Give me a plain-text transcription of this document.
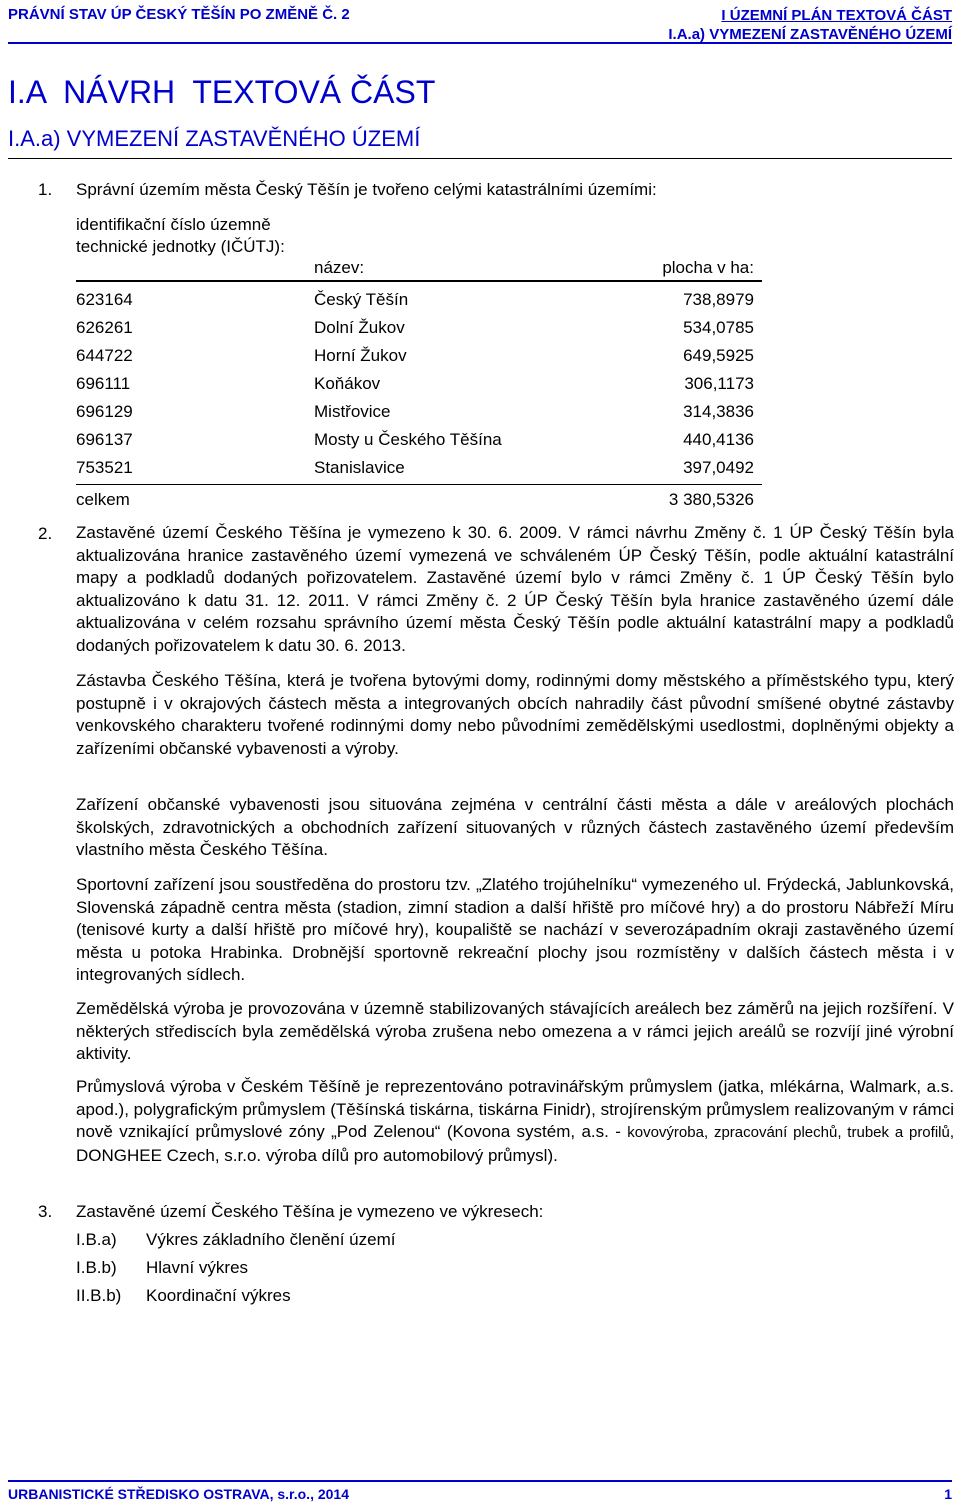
PRÁVNÍ STAV ÚP ČESKÝ TĚŠÍN PO ZMĚNĚ Č. 2	I ÚZEMNÍ PLÁN TEXTOVÁ ČÁST
I.A.a) VYMEZENÍ ZASTAVĚNÉHO ÚZEMÍ
I.A  NÁVRH  TEXTOVÁ ČÁST
I.A.a) VYMEZENÍ ZASTAVĚNÉHO ÚZEMÍ
1.	Správní územím města Český Těšín je tvořeno celými katastrálními územími:
identifikační číslo územně technické jednotky (IČÚTJ):
název:	plocha v ha:
623164	Český Těšín	738,8979
626261	Dolní Žukov	534,0785
644722	Horní Žukov	649,5925
696111	Koňákov	306,1173
696129	Mistřovice	314,3836
696137	Mosty u Českého Těšína	440,4136
753521	Stanislavice	397,0492
celkem	3 380,5326
2.	Zastavěné území Českého Těšína je vymezeno k 30. 6. 2009. V rámci návrhu Změny č. 1 ÚP Český Těšín byla aktualizována hranice zastavěného území vymezená ve schváleném ÚP Český Těšín, podle aktuální katastrální mapy a podkladů dodaných pořizovatelem. Zastavěné území bylo v rámci Změny č. 1 ÚP Český Těšín bylo aktualizováno k datu 31. 12. 2011. V rámci Změny č. 2 ÚP Český Těšín byla hranice zastavěného území dále aktualizována v celém rozsahu správního území města Český Těšín podle aktuální katastrální mapy a podkladů dodaných pořizovatelem k datu 30. 6. 2013.
Zástavba Českého Těšína, která je tvořena bytovými domy, rodinnými domy městského a příměstského typu, který postupně i v okrajových částech města a integrovaných obcích nahradily část původní smíšené obytné zástavby venkovského charakteru tvořené rodinnými domy nebo původními zemědělskými usedlostmi, doplněnými objekty a zařízeními občanské vybavenosti a výroby.
Zařízení občanské vybavenosti jsou situována zejména v centrální části města a dále v areálových plochách školských, zdravotnických a obchodních zařízení situovaných v různých částech zastavěného území především vlastního města Českého Těšína.
Sportovní zařízení jsou soustředěna do prostoru tzv. „Zlatého trojúhelníku“ vymezeného ul. Frýdecká, Jablunkovská, Slovenská západně centra města (stadion, zimní stadion a další hřiště pro míčové hry) a do prostoru Nábřeží Míru (tenisové kurty a další hřiště pro míčové hry), koupaliště se nachází v severozápadním okraji zastavěného území města u potoka Hrabinka. Drobnější sportovně rekreační plochy jsou rozmístěny v dalších částech města i v integrovaných sídlech.
Zemědělská výroba je provozována v územně stabilizovaných stávajících areálech bez záměrů na jejich rozšíření. V některých střediscích byla zemědělská výroba zrušena nebo omezena a v rámci jejich areálů se rozvíjí jiné výrobní aktivity.
Průmyslová výroba v Českém Těšíně je reprezentováno potravinářským průmyslem (jatka, mlékárna, Walmark, a.s. apod.), polygrafickým průmyslem (Těšínská tiskárna, tiskárna Finidr), strojírenským průmyslem realizovaným v rámci nově vznikající průmyslové zóny „Pod Zelenou“ (Kovona systém, a.s. - kovovýroba, zpracování plechů, trubek a profilů, DONGHEE Czech, s.r.o. výroba dílů pro automobilový průmysl).
3.	Zastavěné území Českého Těšína je vymezeno ve výkresech:
I.B.a) Výkres základního členění území
I.B.b) Hlavní výkres
II.B.b) Koordinační výkres
URBANISTICKÉ STŘEDISKO OSTRAVA, s.r.o., 2014	1
